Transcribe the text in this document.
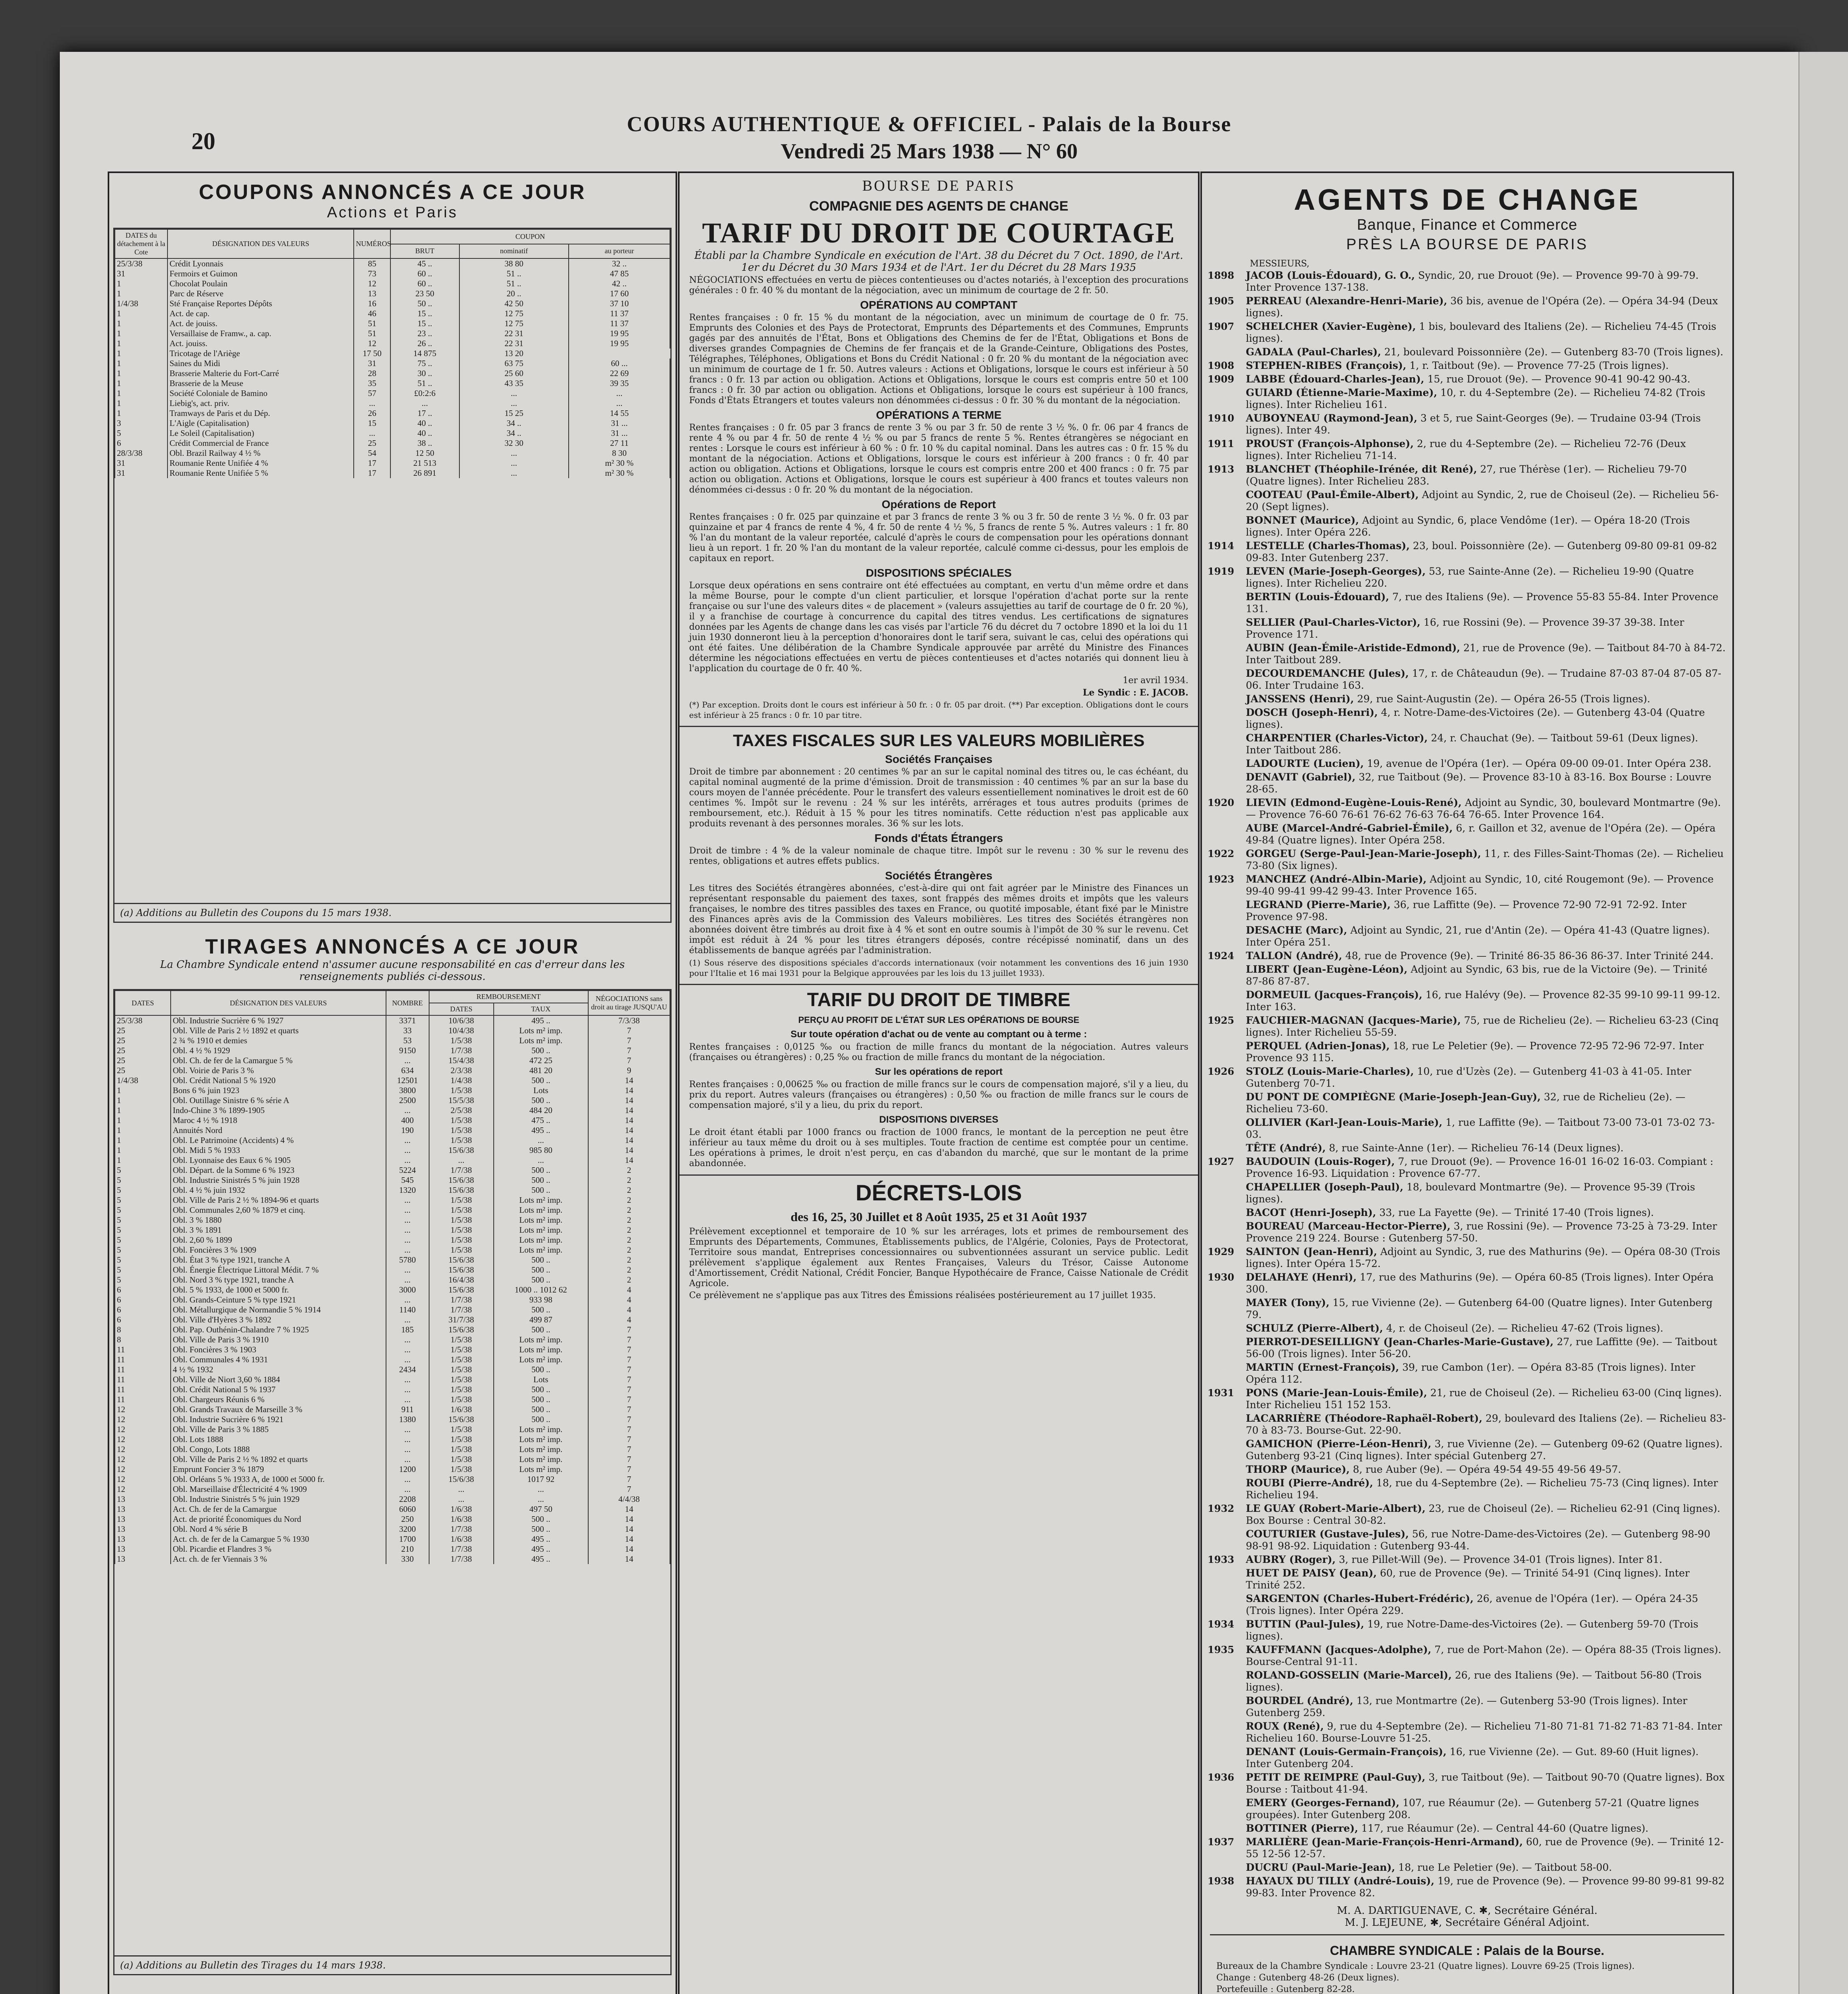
20
COURS AUTHENTIQUE & OFFICIEL - Palais de la Bourse
Vendredi 25 Mars 1938 — N° 60
COUPONS ANNONCÉS A CE JOUR
Actions et Paris
DATES du détachement à la Cote	DÉSIGNATION DES VALEURS	NUMÉROS	COUPON		
			BRUT	nominatif	au porteur
25/3/38	Crédit Lyonnais	85	45 ..	38 80	32 ..
31	Fermoirs et Guimon	73	60 ..	51 ..	47 85
1	Chocolat Poulain	12	60 ..	51 ..	42 ..
1	Parc de Réserve	13	23 50	20 ..	17 60
1/4/38	Sté Française Reportes Dépôts	16	50 ..	42 50	37 10
1	Act. de cap.	46	15 ..	12 75	11 37
1	Act. de jouiss.	51	15 ..	12 75	11 37
1	Versaillaise de Framw., a. cap.	51	23 ..	22 31	19 95
1	Act. jouiss.	12	26 ..	22 31	19 95
1	Tricotage de l'Ariège	17 50	14 875	13 20	
1	Saines du Midi	31	75 ..	63 75	60 ...
1	Brasserie Malterie du Fort-Carré	28	30 ..	25 60	22 69
1	Brasserie de la Meuse	35	51 ..	43 35	39 35
1	Société Coloniale de Bamino	57	£0:2:6	...	...
1	Liebig's, act. priv.	...	...	...	...
1	Tramways de Paris et du Dép.	26	17 ..	15 25	14 55
3	L'Aigle (Capitalisation)	15	40 ..	34 ..	31 ...
5	Le Soleil (Capitalisation)	...	40 ..	34 ..	31 ...
6	Crédit Commercial de France	25	38 ..	32 30	27 11
28/3/38	Obl. Brazil Railway 4 ½ %	54	12 50	...	8 30
31	Roumanie Rente Unifiée 4 %	17	21 513	...	m² 30 %
31	Roumanie Rente Unifiée 5 %	17	26 891	...	m² 30 %
(a) Additions au Bulletin des Coupons du 15 mars 1938.
TIRAGES ANNONCÉS A CE JOUR
La Chambre Syndicale entend n'assumer aucune responsabilité en cas d'erreur dans les renseignements publiés ci-dessous.
DATES	DÉSIGNATION DES VALEURS	NOMBRE	REMBOURSEMENT		NÉGOCIATIONS sans droit au tirage JUSQU'AU
			DATES	TAUX	
25/3/38	Obl. Industrie Sucrière 6 % 1927	3371	10/6/38	495 ..	7/3/38
25	Obl. Ville de Paris 2 ½ 1892 et quarts	33	10/4/38	Lots m² imp.	7
25	2 ¾ % 1910 et demies	53	1/5/38	Lots m² imp.	7
25	Obl. 4 ½ % 1929	9150	1/7/38	500 ..	7
25	Obl. Ch. de fer de la Camargue 5 %	...	15/4/38	472 25	7
25	Obl. Voirie de Paris 3 %	634	2/3/38	481 20	9
1/4/38	Obl. Crédit National 5 % 1920	12501	1/4/38	500 ..	14
1	Bons 6 % juin 1923	3800	1/5/38	Lots	14
1	Obl. Outillage Sinistre 6 % série A	2500	15/5/38	500 ..	14
1	Indo-Chine 3 % 1899-1905	...	2/5/38	484 20	14
1	Maroc 4 ½ % 1918	400	1/5/38	475 ..	14
1	Annuités Nord	190	1/5/38	495 ..	14
1	Obl. Le Patrimoine (Accidents) 4 %	...	1/5/38	...	14
1	Obl. Midi 5 % 1933	...	15/6/38	985 80	14
1	Obl. Lyonnaise des Eaux 6 % 1905	...	...	...	14
5	Obl. Départ. de la Somme 6 % 1923	5224	1/7/38	500 ..	2
5	Obl. Industrie Sinistrés 5 % juin 1928	545	15/6/38	500 ..	2
5	Obl. 4 ½ % juin 1932	1320	15/6/38	500 ..	2
5	Obl. Ville de Paris 2 ½ % 1894-96 et quarts	...	1/5/38	Lots m² imp.	2
5	Obl. Communales 2,60 % 1879 et cinq.	...	1/5/38	Lots m² imp.	2
5	Obl. 3 % 1880	...	1/5/38	Lots m² imp.	2
5	Obl. 3 % 1891	...	1/5/38	Lots m² imp.	2
5	Obl. 2,60 % 1899	...	1/5/38	Lots m² imp.	2
5	Obl. Foncières 3 % 1909	...	1/5/38	Lots m² imp.	2
5	Obl. État 3 % type 1921, tranche A	5780	15/6/38	500 ..	2
5	Obl. Énergie Électrique Littoral Médit. 7 %	...	15/6/38	500 ..	2
5	Obl. Nord 3 % type 1921, tranche A	...	16/4/38	500 ..	2
6	Obl. 5 % 1933, de 1000 et 5000 fr.	3000	15/6/38	1000 .. 1012 62	4
6	Obl. Grands-Ceinture 5 % type 1921	...	1/7/38	933 98	4
6	Obl. Métallurgique de Normandie 5 % 1914	1140	1/7/38	500 ..	4
6	Obl. Ville d'Hyères 3 % 1892	...	31/7/38	499 87	4
8	Obl. Pap. Outhénin-Chalandre 7 % 1925	185	15/6/38	500 ..	7
8	Obl. Ville de Paris 3 % 1910	...	1/5/38	Lots m² imp.	7
11	Obl. Foncières 3 % 1903	...	1/5/38	Lots m² imp.	7
11	Obl. Communales 4 % 1931	...	1/5/38	Lots m² imp.	7
11	4 ½ % 1932	2434	1/5/38	500 ..	7
11	Obl. Ville de Niort 3,60 % 1884	...	1/5/38	Lots	7
11	Obl. Crédit National 5 % 1937	...	1/5/38	500 ..	7
11	Obl. Chargeurs Réunis 6 %	...	1/5/38	500 ..	7
12	Obl. Grands Travaux de Marseille 3 %	911	1/6/38	500 ..	7
12	Obl. Industrie Sucrière 6 % 1921	1380	15/6/38	500 ..	7
12	Obl. Ville de Paris 3 % 1885	...	1/5/38	Lots m² imp.	7
12	Obl. Lots 1888	...	1/5/38	Lots m² imp.	7
12	Obl. Congo, Lots 1888	...	1/5/38	Lots m² imp.	7
12	Obl. Ville de Paris 2 ½ % 1892 et quarts	...	1/5/38	Lots m² imp.	7
12	Emprunt Foncier 3 % 1879	1200	1/5/38	Lots m² imp.	7
12	Obl. Orléans 5 % 1933 A, de 1000 et 5000 fr.	...	15/6/38	1017 92	7
12	Obl. Marseillaise d'Électricité 4 % 1909	...	...	...	7
13	Obl. Industrie Sinistrés 5 % juin 1929	2208	...	...	4/4/38
13	Act. Ch. de fer de la Camargue	6060	1/6/38	497 50	14
13	Act. de priorité Économiques du Nord	250	1/6/38	500 ..	14
13	Obl. Nord 4 % série B	3200	1/7/38	500 ..	14
13	Act. ch. de fer de la Camargue 5 % 1930	1700	1/6/38	495 ..	14
13	Obl. Picardie et Flandres 3 %	210	1/7/38	495 ..	14
13	Act. ch. de fer Viennais 3 %	330	1/7/38	495 ..	14
(a) Additions au Bulletin des Tirages du 14 mars 1938.
BOURSE DE PARIS
COMPAGNIE DES AGENTS DE CHANGE
TARIF DU DROIT DE COURTAGE
Établi par la Chambre Syndicale en exécution de l'Art. 38 du Décret du 7 Oct. 1890, de l'Art. 1er du Décret du 30 Mars 1934 et de l'Art. 1er du Décret du 28 Mars 1935

NÉGOCIATIONS effectuées en vertu de pièces contentieuses ou d'actes notariés, à l'exception des procurations générales : 0 fr. 40 % du montant de la négociation, avec un minimum de courtage de 2 fr. 50.

OPÉRATIONS AU COMPTANT

Rentes françaises : 0 fr. 15 % du montant de la négociation, avec un minimum de courtage de 0 fr. 75. Emprunts des Colonies et des Pays de Protectorat, Emprunts des Départements et des Communes, Emprunts gagés par des annuités de l'État, Bons et Obligations des Chemins de fer de l'État, Obligations et Bons de diverses grandes Compagnies de Chemins de fer français et de la Grande-Ceinture, Obligations des Postes, Télégraphes, Téléphones, Obligations et Bons du Crédit National : 0 fr. 20 % du montant de la négociation avec un minimum de courtage de 1 fr. 50. Autres valeurs : Actions et Obligations, lorsque le cours est inférieur à 50 francs : 0 fr. 13 par action ou obligation. Actions et Obligations, lorsque le cours est compris entre 50 et 100 francs : 0 fr. 30 par action ou obligation. Actions et Obligations, lorsque le cours est supérieur à 100 francs, Fonds d'États Étrangers et toutes valeurs non dénommées ci-dessus : 0 fr. 30 % du montant de la négociation.

OPÉRATIONS A TERME

Rentes françaises : 0 fr. 05 par 3 francs de rente 3 % ou par 3 fr. 50 de rente 3 ½ %. 0 fr. 06 par 4 francs de rente 4 % ou par 4 fr. 50 de rente 4 ½ % ou par 5 francs de rente 5 %. Rentes étrangères se négociant en rentes : Lorsque le cours est inférieur à 60 % : 0 fr. 10 % du capital nominal. Dans les autres cas : 0 fr. 15 % du montant de la négociation. Actions et Obligations, lorsque le cours est inférieur à 200 francs : 0 fr. 40 par action ou obligation. Actions et Obligations, lorsque le cours est compris entre 200 et 400 francs : 0 fr. 75 par action ou obligation. Actions et Obligations, lorsque le cours est supérieur à 400 francs et toutes valeurs non dénommées ci-dessus : 0 fr. 20 % du montant de la négociation.

Opérations de Report

Rentes françaises : 0 fr. 025 par quinzaine et par 3 francs de rente 3 % ou 3 fr. 50 de rente 3 ½ %. 0 fr. 03 par quinzaine et par 4 francs de rente 4 %, 4 fr. 50 de rente 4 ½ %, 5 francs de rente 5 %. Autres valeurs : 1 fr. 80 % l'an du montant de la valeur reportée, calculé d'après le cours de compensation pour les opérations donnant lieu à un report. 1 fr. 20 % l'an du montant de la valeur reportée, calculé comme ci-dessus, pour les emplois de capitaux en report.

DISPOSITIONS SPÉCIALES

Lorsque deux opérations en sens contraire ont été effectuées au comptant, en vertu d'un même ordre et dans la même Bourse, pour le compte d'un client particulier, et lorsque l'opération d'achat porte sur la rente française ou sur l'une des valeurs dites « de placement » (valeurs assujetties au tarif de courtage de 0 fr. 20 %), il y a franchise de courtage à concurrence du capital des titres vendus. Les certifications de signatures données par les Agents de change dans les cas visés par l'article 76 du décret du 7 octobre 1890 et la loi du 11 juin 1930 donneront lieu à la perception d'honoraires dont le tarif sera, suivant le cas, celui des opérations qui ont été faites. Une délibération de la Chambre Syndicale approuvée par arrêté du Ministre des Finances détermine les négociations effectuées en vertu de pièces contentieuses et d'actes notariés qui donnent lieu à l'application du courtage de 0 fr. 40 %.

1er avril 1934.

Le Syndic : E. JACOB.

(*) Par exception. Droits dont le cours est inférieur à 50 fr. : 0 fr. 05 par droit. (**) Par exception. Obligations dont le cours est inférieur à 25 francs : 0 fr. 10 par titre.

TAXES FISCALES SUR LES VALEURS MOBILIÈRES
Sociétés Françaises

Droit de timbre par abonnement : 20 centimes % par an sur le capital nominal des titres ou, le cas échéant, du capital nominal augmenté de la prime d'émission. Droit de transmission : 40 centimes % par an sur la base du cours moyen de l'année précédente. Pour le transfert des valeurs essentiellement nominatives le droit est de 60 centimes %. Impôt sur le revenu : 24 % sur les intérêts, arrérages et tous autres produits (primes de remboursement, etc.). Réduit à 15 % pour les titres nominatifs. Cette réduction n'est pas applicable aux produits revenant à des personnes morales. 36 % sur les lots.

Fonds d'États Étrangers

Droit de timbre : 4 % de la valeur nominale de chaque titre. Impôt sur le revenu : 30 % sur le revenu des rentes, obligations et autres effets publics.

Sociétés Étrangères

Les titres des Sociétés étrangères abonnées, c'est-à-dire qui ont fait agréer par le Ministre des Finances un représentant responsable du paiement des taxes, sont frappés des mêmes droits et impôts que les valeurs françaises, le nombre des titres passibles des taxes en France, ou quotité imposable, étant fixé par le Ministre des Finances après avis de la Commission des Valeurs mobilières. Les titres des Sociétés étrangères non abonnées doivent être timbrés au droit fixe à 4 % et sont en outre soumis à l'impôt de 30 % sur le revenu. Cet impôt est réduit à 24 % pour les titres étrangers déposés, contre récépissé nominatif, dans un des établissements de banque agréés par l'administration.

(1) Sous réserve des dispositions spéciales d'accords internationaux (voir notamment les conventions des 16 juin 1930 pour l'Italie et 16 mai 1931 pour la Belgique approuvées par les lois du 13 juillet 1933).

TARIF DU DROIT DE TIMBRE
PERÇU AU PROFIT DE L'ÉTAT SUR LES OPÉRATIONS DE BOURSE
Sur toute opération d'achat ou de vente au comptant ou à terme :

Rentes françaises : 0,0125 ‰ ou fraction de mille francs du montant de la négociation. Autres valeurs (françaises ou étrangères) : 0,25 ‰ ou fraction de mille francs du montant de la négociation.

Sur les opérations de report

Rentes françaises : 0,00625 ‰ ou fraction de mille francs sur le cours de compensation majoré, s'il y a lieu, du prix du report. Autres valeurs (françaises ou étrangères) : 0,50 ‰ ou fraction de mille francs sur le cours de compensation majoré, s'il y a lieu, du prix du report.

DISPOSITIONS DIVERSES

Le droit étant établi par 1000 francs ou fraction de 1000 francs, le montant de la perception ne peut être inférieur au taux même du droit ou à ses multiples. Toute fraction de centime est comptée pour un centime. Les opérations à primes, le droit n'est perçu, en cas d'abandon du marché, que sur le montant de la prime abandonnée.

DÉCRETS-LOIS
des 16, 25, 30 Juillet et 8 Août 1935, 25 et 31 Août 1937

Prélèvement exceptionnel et temporaire de 10 % sur les arrérages, lots et primes de remboursement des Emprunts des Départements, Communes, Établissements publics, de l'Algérie, Colonies, Pays de Protectorat, Territoire sous mandat, Entreprises concessionnaires ou subventionnées assurant un service public. Ledit prélèvement s'applique également aux Rentes Françaises, Valeurs du Trésor, Caisse Autonome d'Amortissement, Crédit National, Crédit Foncier, Banque Hypothécaire de France, Caisse Nationale de Crédit Agricole.

Ce prélèvement ne s'applique pas aux Titres des Émissions réalisées postérieurement au 17 juillet 1935.

AGENTS DE CHANGE
Banque, Finance et Commerce
PRÈS LA BOURSE DE PARIS
MESSIEURS,
1898 JACOB (Louis-Édouard), G. O., Syndic, 20, rue Drouot (9e). — Provence 99-70 à 99-79. Inter Provence 137-138.
1905 PERREAU (Alexandre-Henri-Marie), 36 bis, avenue de l'Opéra (2e). — Opéra 34-94 (Deux lignes).
1907 SCHELCHER (Xavier-Eugène), 1 bis, boulevard des Italiens (2e). — Richelieu 74-45 (Trois lignes).
GADALA (Paul-Charles), 21, boulevard Poissonnière (2e). — Gutenberg 83-70 (Trois lignes).
1908 STEPHEN-RIBES (François), 1, r. Taitbout (9e). — Provence 77-25 (Trois lignes).
1909 LABBE (Édouard-Charles-Jean), 15, rue Drouot (9e). — Provence 90-41 90-42 90-43.
GUIARD (Étienne-Marie-Maxime), 10, r. du 4-Septembre (2e). — Richelieu 74-82 (Trois lignes). Inter Richelieu 161.
1910 AUBOYNEAU (Raymond-Jean), 3 et 5, rue Saint-Georges (9e). — Trudaine 03-94 (Trois lignes). Inter 49.
1911 PROUST (François-Alphonse), 2, rue du 4-Septembre (2e). — Richelieu 72-76 (Deux lignes). Inter Richelieu 71-14.
1913 BLANCHET (Théophile-Irénée, dit René), 27, rue Thérèse (1er). — Richelieu 79-70 (Quatre lignes). Inter Richelieu 283.
COOTEAU (Paul-Émile-Albert), Adjoint au Syndic, 2, rue de Choiseul (2e). — Richelieu 56-20 (Sept lignes).
BONNET (Maurice), Adjoint au Syndic, 6, place Vendôme (1er). — Opéra 18-20 (Trois lignes). Inter Opéra 226.
1914 LESTELLE (Charles-Thomas), 23, boul. Poissonnière (2e). — Gutenberg 09-80 09-81 09-82 09-83. Inter Gutenberg 237.
1919 LEVEN (Marie-Joseph-Georges), 53, rue Sainte-Anne (2e). — Richelieu 19-90 (Quatre lignes). Inter Richelieu 220.
BERTIN (Louis-Édouard), 7, rue des Italiens (9e). — Provence 55-83 55-84. Inter Provence 131.
SELLIER (Paul-Charles-Victor), 16, rue Rossini (9e). — Provence 39-37 39-38. Inter Provence 171.
AUBIN (Jean-Émile-Aristide-Edmond), 21, rue de Provence (9e). — Taitbout 84-70 à 84-72. Inter Taitbout 289.
DECOURDEMANCHE (Jules), 17, r. de Châteaudun (9e). — Trudaine 87-03 87-04 87-05 87-06. Inter Trudaine 163.
JANSSENS (Henri), 29, rue Saint-Augustin (2e). — Opéra 26-55 (Trois lignes).
DOSCH (Joseph-Henri), 4, r. Notre-Dame-des-Victoires (2e). — Gutenberg 43-04 (Quatre lignes).
CHARPENTIER (Charles-Victor), 24, r. Chauchat (9e). — Taitbout 59-61 (Deux lignes). Inter Taitbout 286.
LADOURTE (Lucien), 19, avenue de l'Opéra (1er). — Opéra 09-00 09-01. Inter Opéra 238.
DENAVIT (Gabriel), 32, rue Taitbout (9e). — Provence 83-10 à 83-16. Box Bourse : Louvre 28-65.
1920 LIEVIN (Edmond-Eugène-Louis-René), Adjoint au Syndic, 30, boulevard Montmartre (9e). — Provence 76-60 76-61 76-62 76-63 76-64 76-65. Inter Provence 164.
AUBE (Marcel-André-Gabriel-Émile), 6, r. Gaillon et 32, avenue de l'Opéra (2e). — Opéra 49-84 (Quatre lignes). Inter Opéra 258.
1922 GORGEU (Serge-Paul-Jean-Marie-Joseph), 11, r. des Filles-Saint-Thomas (2e). — Richelieu 73-80 (Six lignes).
1923 MANCHEZ (André-Albin-Marie), Adjoint au Syndic, 10, cité Rougemont (9e). — Provence 99-40 99-41 99-42 99-43. Inter Provence 165.
LEGRAND (Pierre-Marie), 36, rue Laffitte (9e). — Provence 72-90 72-91 72-92. Inter Provence 97-98.
DESACHE (Marc), Adjoint au Syndic, 21, rue d'Antin (2e). — Opéra 41-43 (Quatre lignes). Inter Opéra 251.
1924 TALLON (André), 48, rue de Provence (9e). — Trinité 86-35 86-36 86-37. Inter Trinité 244.
LIBERT (Jean-Eugène-Léon), Adjoint au Syndic, 63 bis, rue de la Victoire (9e). — Trinité 87-86 87-87.
DORMEUIL (Jacques-François), 16, rue Halévy (9e). — Provence 82-35 99-10 99-11 99-12. Inter 163.
1925 FAUCHIER-MAGNAN (Jacques-Marie), 75, rue de Richelieu (2e). — Richelieu 63-23 (Cinq lignes). Inter Richelieu 55-59.
PERQUEL (Adrien-Jonas), 18, rue Le Peletier (9e). — Provence 72-95 72-96 72-97. Inter Provence 93 115.
1926 STOLZ (Louis-Marie-Charles), 10, rue d'Uzès (2e). — Gutenberg 41-03 à 41-05. Inter Gutenberg 70-71.
DU PONT DE COMPIÈGNE (Marie-Joseph-Jean-Guy), 32, rue de Richelieu (2e). — Richelieu 73-60.
OLLIVIER (Karl-Jean-Louis-Marie), 1, rue Laffitte (9e). — Taitbout 73-00 73-01 73-02 73-03.
TÊTE (André), 8, rue Sainte-Anne (1er). — Richelieu 76-14 (Deux lignes).
1927 BAUDOUIN (Louis-Roger), 7, rue Drouot (9e). — Provence 16-01 16-02 16-03. Compiant : Provence 16-93. Liquidation : Provence 67-77.
CHAPELLIER (Joseph-Paul), 18, boulevard Montmartre (9e). — Provence 95-39 (Trois lignes).
BACOT (Henri-Joseph), 33, rue La Fayette (9e). — Trinité 17-40 (Trois lignes).
BOUREAU (Marceau-Hector-Pierre), 3, rue Rossini (9e). — Provence 73-25 à 73-29. Inter Provence 219 224. Bourse : Gutenberg 57-50.
1929 SAINTON (Jean-Henri), Adjoint au Syndic, 3, rue des Mathurins (9e). — Opéra 08-30 (Trois lignes). Inter Opéra 15-72.
1930 DELAHAYE (Henri), 17, rue des Mathurins (9e). — Opéra 60-85 (Trois lignes). Inter Opéra 300.
MAYER (Tony), 15, rue Vivienne (2e). — Gutenberg 64-00 (Quatre lignes). Inter Gutenberg 79.
SCHULZ (Pierre-Albert), 4, r. de Choiseul (2e). — Richelieu 47-62 (Trois lignes).
PIERROT-DESEILLIGNY (Jean-Charles-Marie-Gustave), 27, rue Laffitte (9e). — Taitbout 56-00 (Trois lignes). Inter 56-20.
MARTIN (Ernest-François), 39, rue Cambon (1er). — Opéra 83-85 (Trois lignes). Inter Opéra 112.
1931 PONS (Marie-Jean-Louis-Émile), 21, rue de Choiseul (2e). — Richelieu 63-00 (Cinq lignes). Inter Richelieu 151 152 153.
LACARRIÈRE (Théodore-Raphaël-Robert), 29, boulevard des Italiens (2e). — Richelieu 83-70 à 83-73. Bourse-Gut. 22-90.
GAMICHON (Pierre-Léon-Henri), 3, rue Vivienne (2e). — Gutenberg 09-62 (Quatre lignes). Gutenberg 93-21 (Cinq lignes). Inter spécial Gutenberg 27.
THORP (Maurice), 8, rue Auber (9e). — Opéra 49-54 49-55 49-56 49-57.
ROUBI (Pierre-André), 18, rue du 4-Septembre (2e). — Richelieu 75-73 (Cinq lignes). Inter Richelieu 194.
1932 LE GUAY (Robert-Marie-Albert), 23, rue de Choiseul (2e). — Richelieu 62-91 (Cinq lignes). Box Bourse : Central 30-82.
COUTURIER (Gustave-Jules), 56, rue Notre-Dame-des-Victoires (2e). — Gutenberg 98-90 98-91 98-92. Liquidation : Gutenberg 93-44.
1933 AUBRY (Roger), 3, rue Pillet-Will (9e). — Provence 34-01 (Trois lignes). Inter 81.
HUET DE PAISY (Jean), 60, rue de Provence (9e). — Trinité 54-91 (Cinq lignes). Inter Trinité 252.
SARGENTON (Charles-Hubert-Frédéric), 26, avenue de l'Opéra (1er). — Opéra 24-35 (Trois lignes). Inter Opéra 229.
1934 BUTTIN (Paul-Jules), 19, rue Notre-Dame-des-Victoires (2e). — Gutenberg 59-70 (Trois lignes).
1935 KAUFFMANN (Jacques-Adolphe), 7, rue de Port-Mahon (2e). — Opéra 88-35 (Trois lignes). Bourse-Central 91-11.
ROLAND-GOSSELIN (Marie-Marcel), 26, rue des Italiens (9e). — Taitbout 56-80 (Trois lignes).
BOURDEL (André), 13, rue Montmartre (2e). — Gutenberg 53-90 (Trois lignes). Inter Gutenberg 259.
ROUX (René), 9, rue du 4-Septembre (2e). — Richelieu 71-80 71-81 71-82 71-83 71-84. Inter Richelieu 160. Bourse-Louvre 51-25.
DENANT (Louis-Germain-François), 16, rue Vivienne (2e). — Gut. 89-60 (Huit lignes). Inter Gutenberg 204.
1936 PETIT DE REIMPRE (Paul-Guy), 3, rue Taitbout (9e). — Taitbout 90-70 (Quatre lignes). Box Bourse : Taitbout 41-94.
EMERY (Georges-Fernand), 107, rue Réaumur (2e). — Gutenberg 57-21 (Quatre lignes groupées). Inter Gutenberg 208.
BOTTINER (Pierre), 117, rue Réaumur (2e). — Central 44-60 (Quatre lignes).
1937 MARLIÈRE (Jean-Marie-François-Henri-Armand), 60, rue de Provence (9e). — Trinité 12-55 12-56 12-57.
DUCRU (Paul-Marie-Jean), 18, rue Le Peletier (9e). — Taitbout 58-00.
1938 HAYAUX DU TILLY (André-Louis), 19, rue de Provence (9e). — Provence 99-80 99-81 99-82 99-83. Inter Provence 82.
M. A. DARTIGUENAVE, C. ✱, Secrétaire Général.
M. J. LEJEUNE, ✱, Secrétaire Général Adjoint.
CHAMBRE SYNDICALE : Palais de la Bourse.
Bureaux de la Chambre Syndicale : Louvre 23-21 (Quatre lignes). Louvre 69-25 (Trois lignes).
Change : Gutenberg 48-26 (Deux lignes).
Portefeuille : Gutenberg 82-28.
